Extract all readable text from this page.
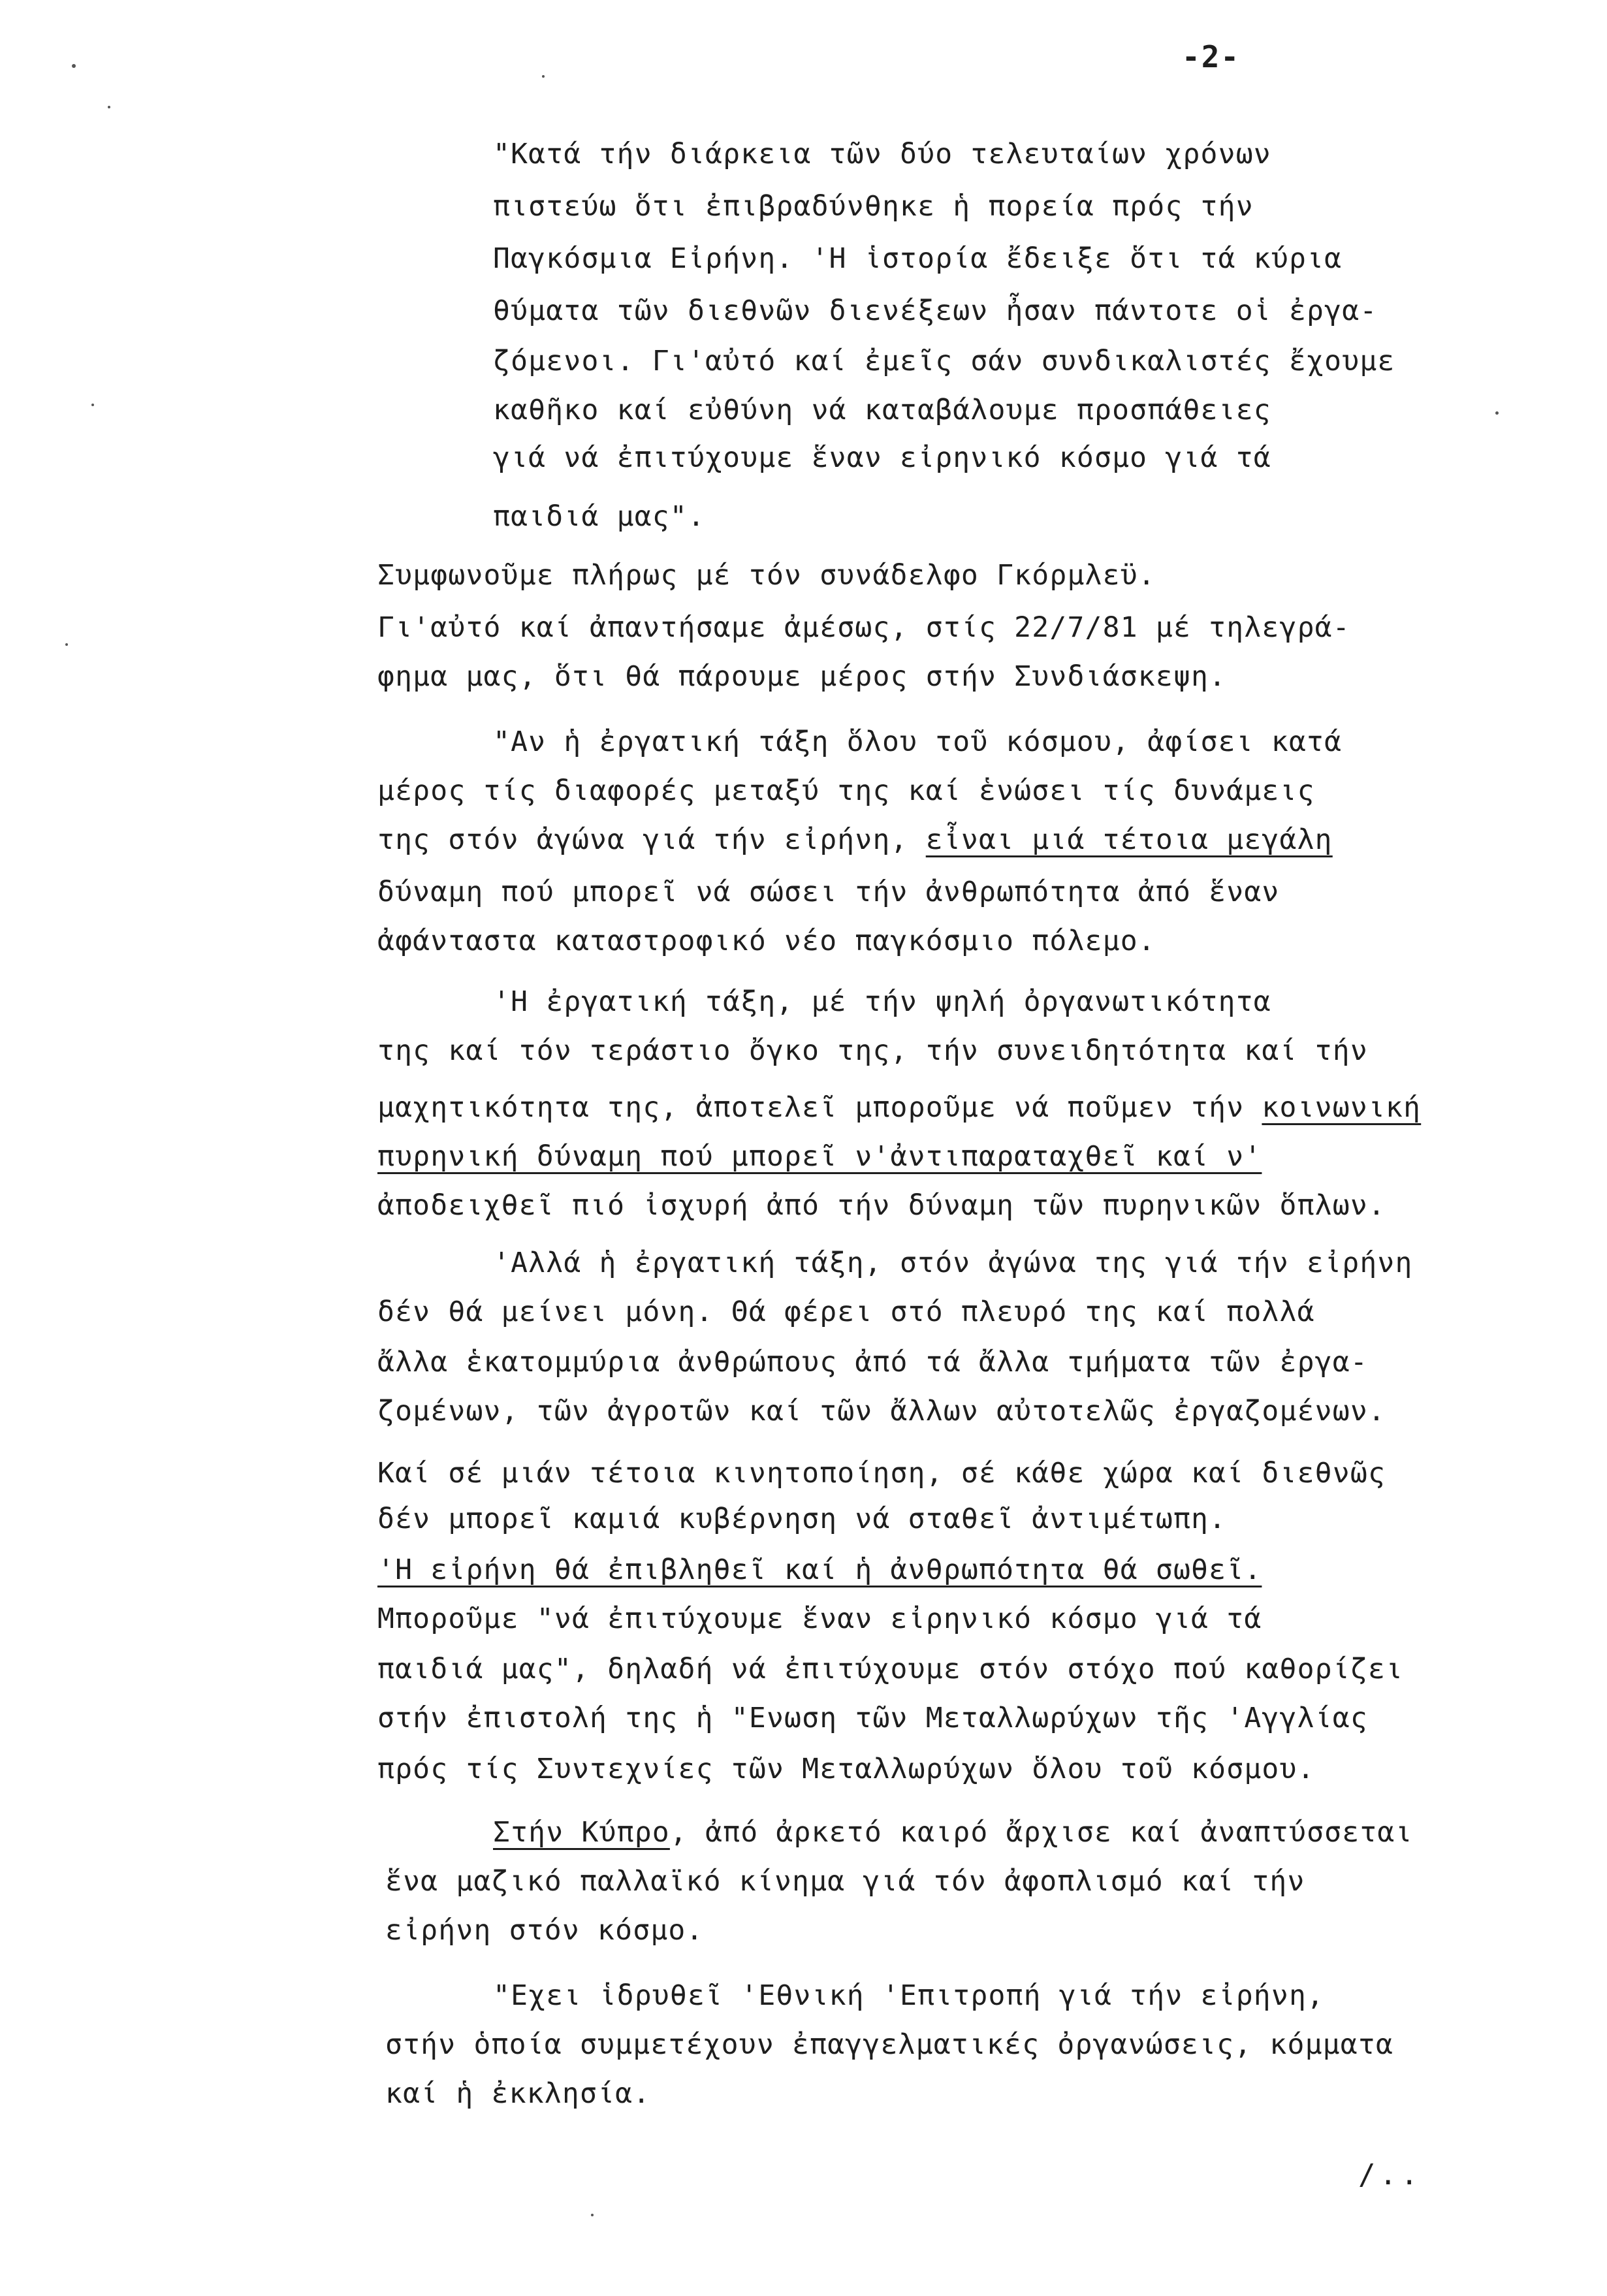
-2-
"Κατά τήν διάρκεια τῶν δύο τελευταίων χρόνων
πιστεύω ὅτι ἐπιβραδύνθηκε ἡ πορεία πρός τήν
Παγκόσμια Εἰρήνη. 'Η ἱστορία ἔδειξε ὅτι τά κύρια
θύματα τῶν διεθνῶν διενέξεων ἦσαν πάντοτε οἱ ἐργα-
ζόμενοι. Γι'αὐτό καί ἐμεῖς σάν συνδικαλιστές ἔχουμε
καθῆκο καί εὐθύνη νά καταβάλουμε προσπάθειες
γιά νά ἐπιτύχουμε ἕναν εἰρηνικό κόσμο γιά τά
παιδιά μας".
Συμφωνοῦμε πλήρως μέ τόν συνάδελφο Γκόρμλεϋ.
Γι'αὐτό καί ἀπαντήσαμε ἀμέσως, στίς 22/7/81 μέ τηλεγρά-
φημα μας, ὅτι θά πάρουμε μέρος στήν Συνδιάσκεψη.
"Αν ἡ ἐργατική τάξη ὅλου τοῦ κόσμου, ἀφίσει κατά
μέρος τίς διαφορές μεταξύ της καί ἑνώσει τίς δυνάμεις
της στόν ἀγώνα γιά τήν εἰρήνη, εἶναι μιά τέτοια μεγάλη
δύναμη πού μπορεῖ νά σώσει τήν ἀνθρωπότητα ἀπό ἕναν
ἀφάνταστα καταστροφικό νέο παγκόσμιο πόλεμο.
'Η ἐργατική τάξη, μέ τήν ψηλή ὀργανωτικότητα
της καί τόν τεράστιο ὄγκο της, τήν συνειδητότητα καί τήν
μαχητικότητα της, ἀποτελεῖ μποροῦμε νά ποῦμεν τήν κοινωνική
πυρηνική δύναμη πού μπορεῖ ν'ἀντιπαραταχθεῖ καί ν'
ἀποδειχθεῖ πιό ἰσχυρή ἀπό τήν δύναμη τῶν πυρηνικῶν ὅπλων.
'Αλλά ἡ ἐργατική τάξη, στόν ἀγώνα της γιά τήν εἰρήνη
δέν θά μείνει μόνη. Θά φέρει στό πλευρό της καί πολλά
ἄλλα ἑκατομμύρια ἀνθρώπους ἀπό τά ἄλλα τμήματα τῶν ἐργα-
ζομένων, τῶν ἀγροτῶν καί τῶν ἄλλων αὐτοτελῶς ἐργαζομένων.
Καί σέ μιάν τέτοια κινητοποίηση, σέ κάθε χώρα καί διεθνῶς
δέν μπορεῖ καμιά κυβέρνηση νά σταθεῖ ἀντιμέτωπη.
'Η εἰρήνη θά ἐπιβληθεῖ καί ἡ ἀνθρωπότητα θά σωθεῖ.
Μποροῦμε "νά ἐπιτύχουμε ἕναν εἰρηνικό κόσμο γιά τά
παιδιά μας", δηλαδή νά ἐπιτύχουμε στόν στόχο πού καθορίζει
στήν ἐπιστολή της ἡ "Ενωση τῶν Μεταλλωρύχων τῆς 'Αγγλίας
πρός τίς Συντεχνίες τῶν Μεταλλωρύχων ὅλου τοῦ κόσμου.
Στήν Κύπρο, ἀπό ἀρκετό καιρό ἄρχισε καί ἀναπτύσσεται
ἕνα μαζικό παλλαϊκό κίνημα γιά τόν ἀφοπλισμό καί τήν
εἰρήνη στόν κόσμο.
"Εχει ἱδρυθεῖ 'Εθνική 'Επιτροπή γιά τήν εἰρήνη,
στήν ὁποία συμμετέχουν ἐπαγγελματικές ὀργανώσεις, κόμματα
καί ἡ ἐκκλησία.
/..
